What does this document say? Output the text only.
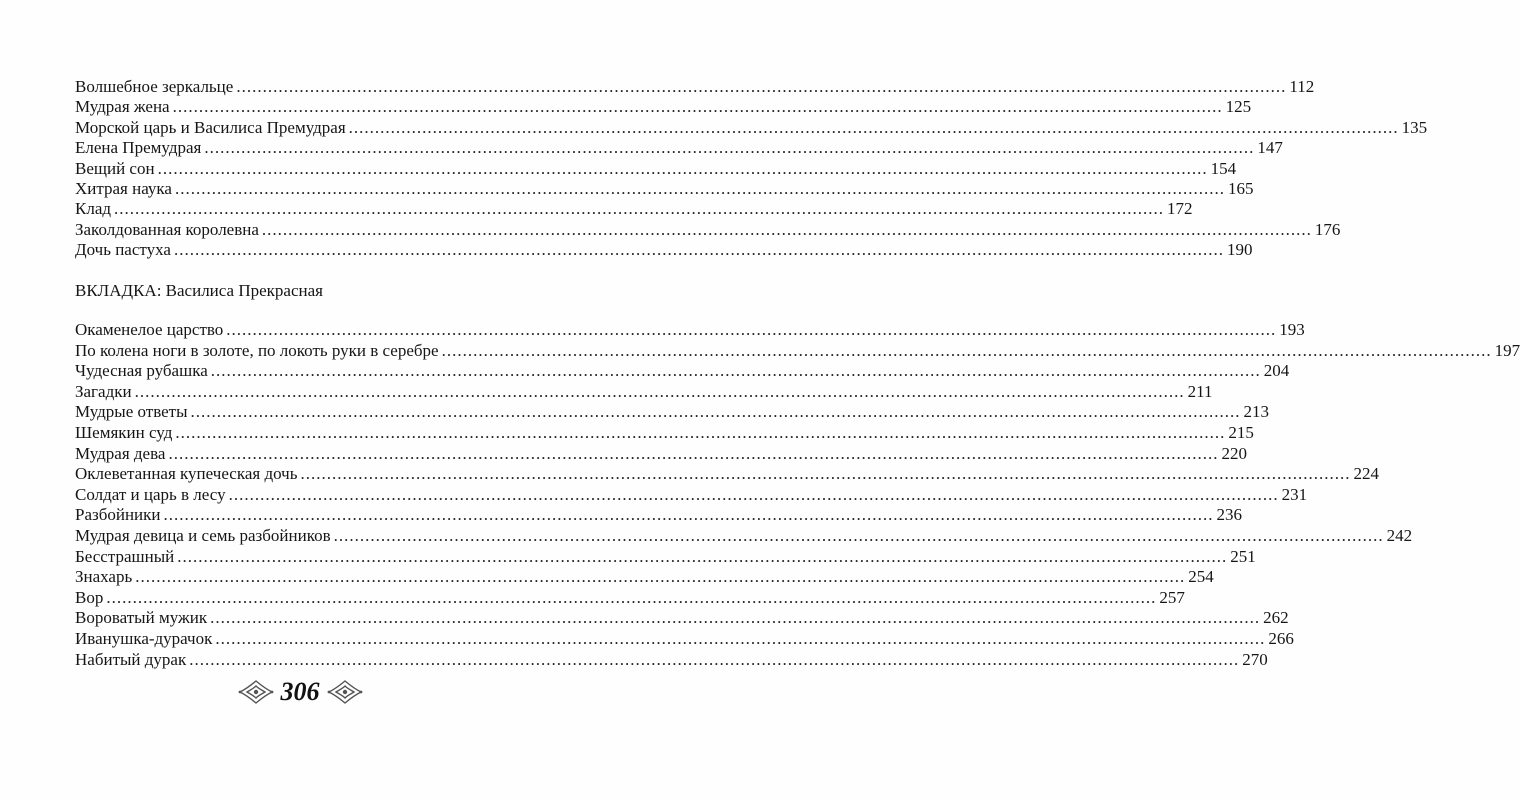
Волшебное зеркальце ........................................................................................................................................................................................................ 112
Мудрая жена ........................................................................................................................................................................................................ 125
Морской царь и Василиса Премудрая ........................................................................................................................................................................................................ 135
Елена Премудрая ........................................................................................................................................................................................................ 147
Вещий сон ........................................................................................................................................................................................................ 154
Хитрая наука ........................................................................................................................................................................................................ 165
Клад ........................................................................................................................................................................................................ 172
Заколдованная королевна ........................................................................................................................................................................................................ 176
Дочь пастуха ........................................................................................................................................................................................................ 190
ВКЛАДКА: Василиса Прекрасная
Окаменелое царство ........................................................................................................................................................................................................ 193
По колена ноги в золоте, по локоть руки в серебре ........................................................................................................................................................................................................ 197
Чудесная рубашка ........................................................................................................................................................................................................ 204
Загадки ........................................................................................................................................................................................................ 211
Мудрые ответы ........................................................................................................................................................................................................ 213
Шемякин суд ........................................................................................................................................................................................................ 215
Мудрая дева ........................................................................................................................................................................................................ 220
Оклеветанная купеческая дочь ........................................................................................................................................................................................................ 224
Солдат и царь в лесу ........................................................................................................................................................................................................ 231
Разбойники ........................................................................................................................................................................................................ 236
Мудрая девица и семь разбойников ........................................................................................................................................................................................................ 242
Бесстрашный ........................................................................................................................................................................................................ 251
Знахарь ........................................................................................................................................................................................................ 254
Вор ........................................................................................................................................................................................................ 257
Вороватый мужик ........................................................................................................................................................................................................ 262
Иванушка-дурачок ........................................................................................................................................................................................................ 266
Набитый дурак ........................................................................................................................................................................................................ 270
306
